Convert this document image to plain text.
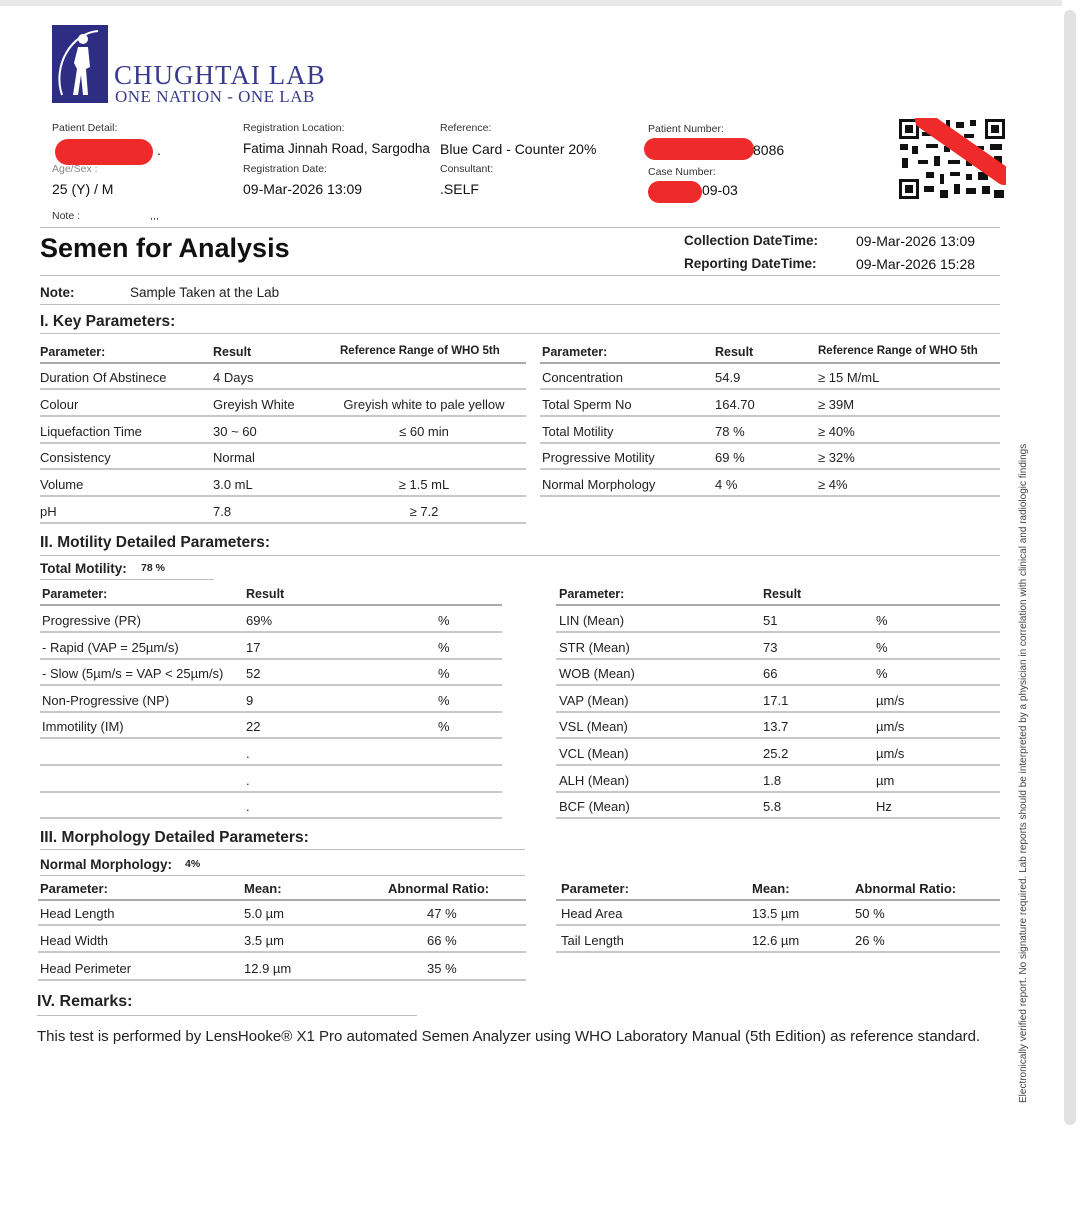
Electronically verified report. No signature required. Lab reports should be interpreted by a physician in correlation with clinical and radiologic findings
CHUGHTAI LAB
ONE NATION - ONE LAB
Patient Detail:
.
Age/Sex :
25 (Y) / M
Note :	,,,
Registration Location:
Fatima Jinnah Road, Sargodha
Registration Date:
09-Mar-2026 13:09
Reference:
Blue Card - Counter 20%
Consultant:
.SELF
Patient Number:
8086
Case Number:
09-03
Semen for Analysis	Collection DateTime:	09-Mar-2026 13:09
Reporting DateTime:	09-Mar-2026 15:28
Note:	Sample Taken at the Lab
I. Key Parameters:
Parameter:	Result	Reference Range of WHO 5th	Parameter:	Result	Reference Range of WHO 5th
Duration Of Abstinece	4 Days
Colour	Greyish White	Greyish white to pale yellow
Liquefaction Time	30 ~ 60	≤ 60 min
Consistency	Normal
Volume	3.0 mL	≥ 1.5 mL
pH	7.8	≥ 7.2
Concentration	54.9	≥ 15 M/mL
Total Sperm No	164.70	≥ 39M
Total Motility	78 %	≥ 40%
Progressive Motility	69 %	≥ 32%
Normal Morphology	4 %	≥ 4%
II. Motility Detailed Parameters:
Total Motility: 78 %
Parameter:	Result	Parameter:	Result
Progressive (PR)	69%	%
- Rapid (VAP = 25µm/s)	17	%
- Slow (5µm/s = VAP < 25µm/s) 52	%
Non-Progressive (NP)	9	%
Immotility (IM)	22	%
.
.
.
LIN (Mean)	51	%
STR (Mean)	73	%
WOB (Mean)	66	%
VAP (Mean)	17.1	µm/s
VSL (Mean)	13.7	µm/s
VCL (Mean)	25.2	µm/s
ALH (Mean)	1.8	µm
BCF (Mean)	5.8	Hz
III. Morphology Detailed Parameters:
Normal Morphology: 4%
Parameter:	Mean:	Abnormal Ratio:	Parameter:	Mean:	Abnormal Ratio:
Head Length	5.0 µm	47 %
Head Width	3.5 µm	66 %
Head Perimeter	12.9 µm	35 %
Head Area	13.5 µm	50 %
Tail Length	12.6 µm	26 %
IV. Remarks:
This test is performed by LensHooke® X1 Pro automated Semen Analyzer using WHO Laboratory Manual (5th Edition) as reference standard.
